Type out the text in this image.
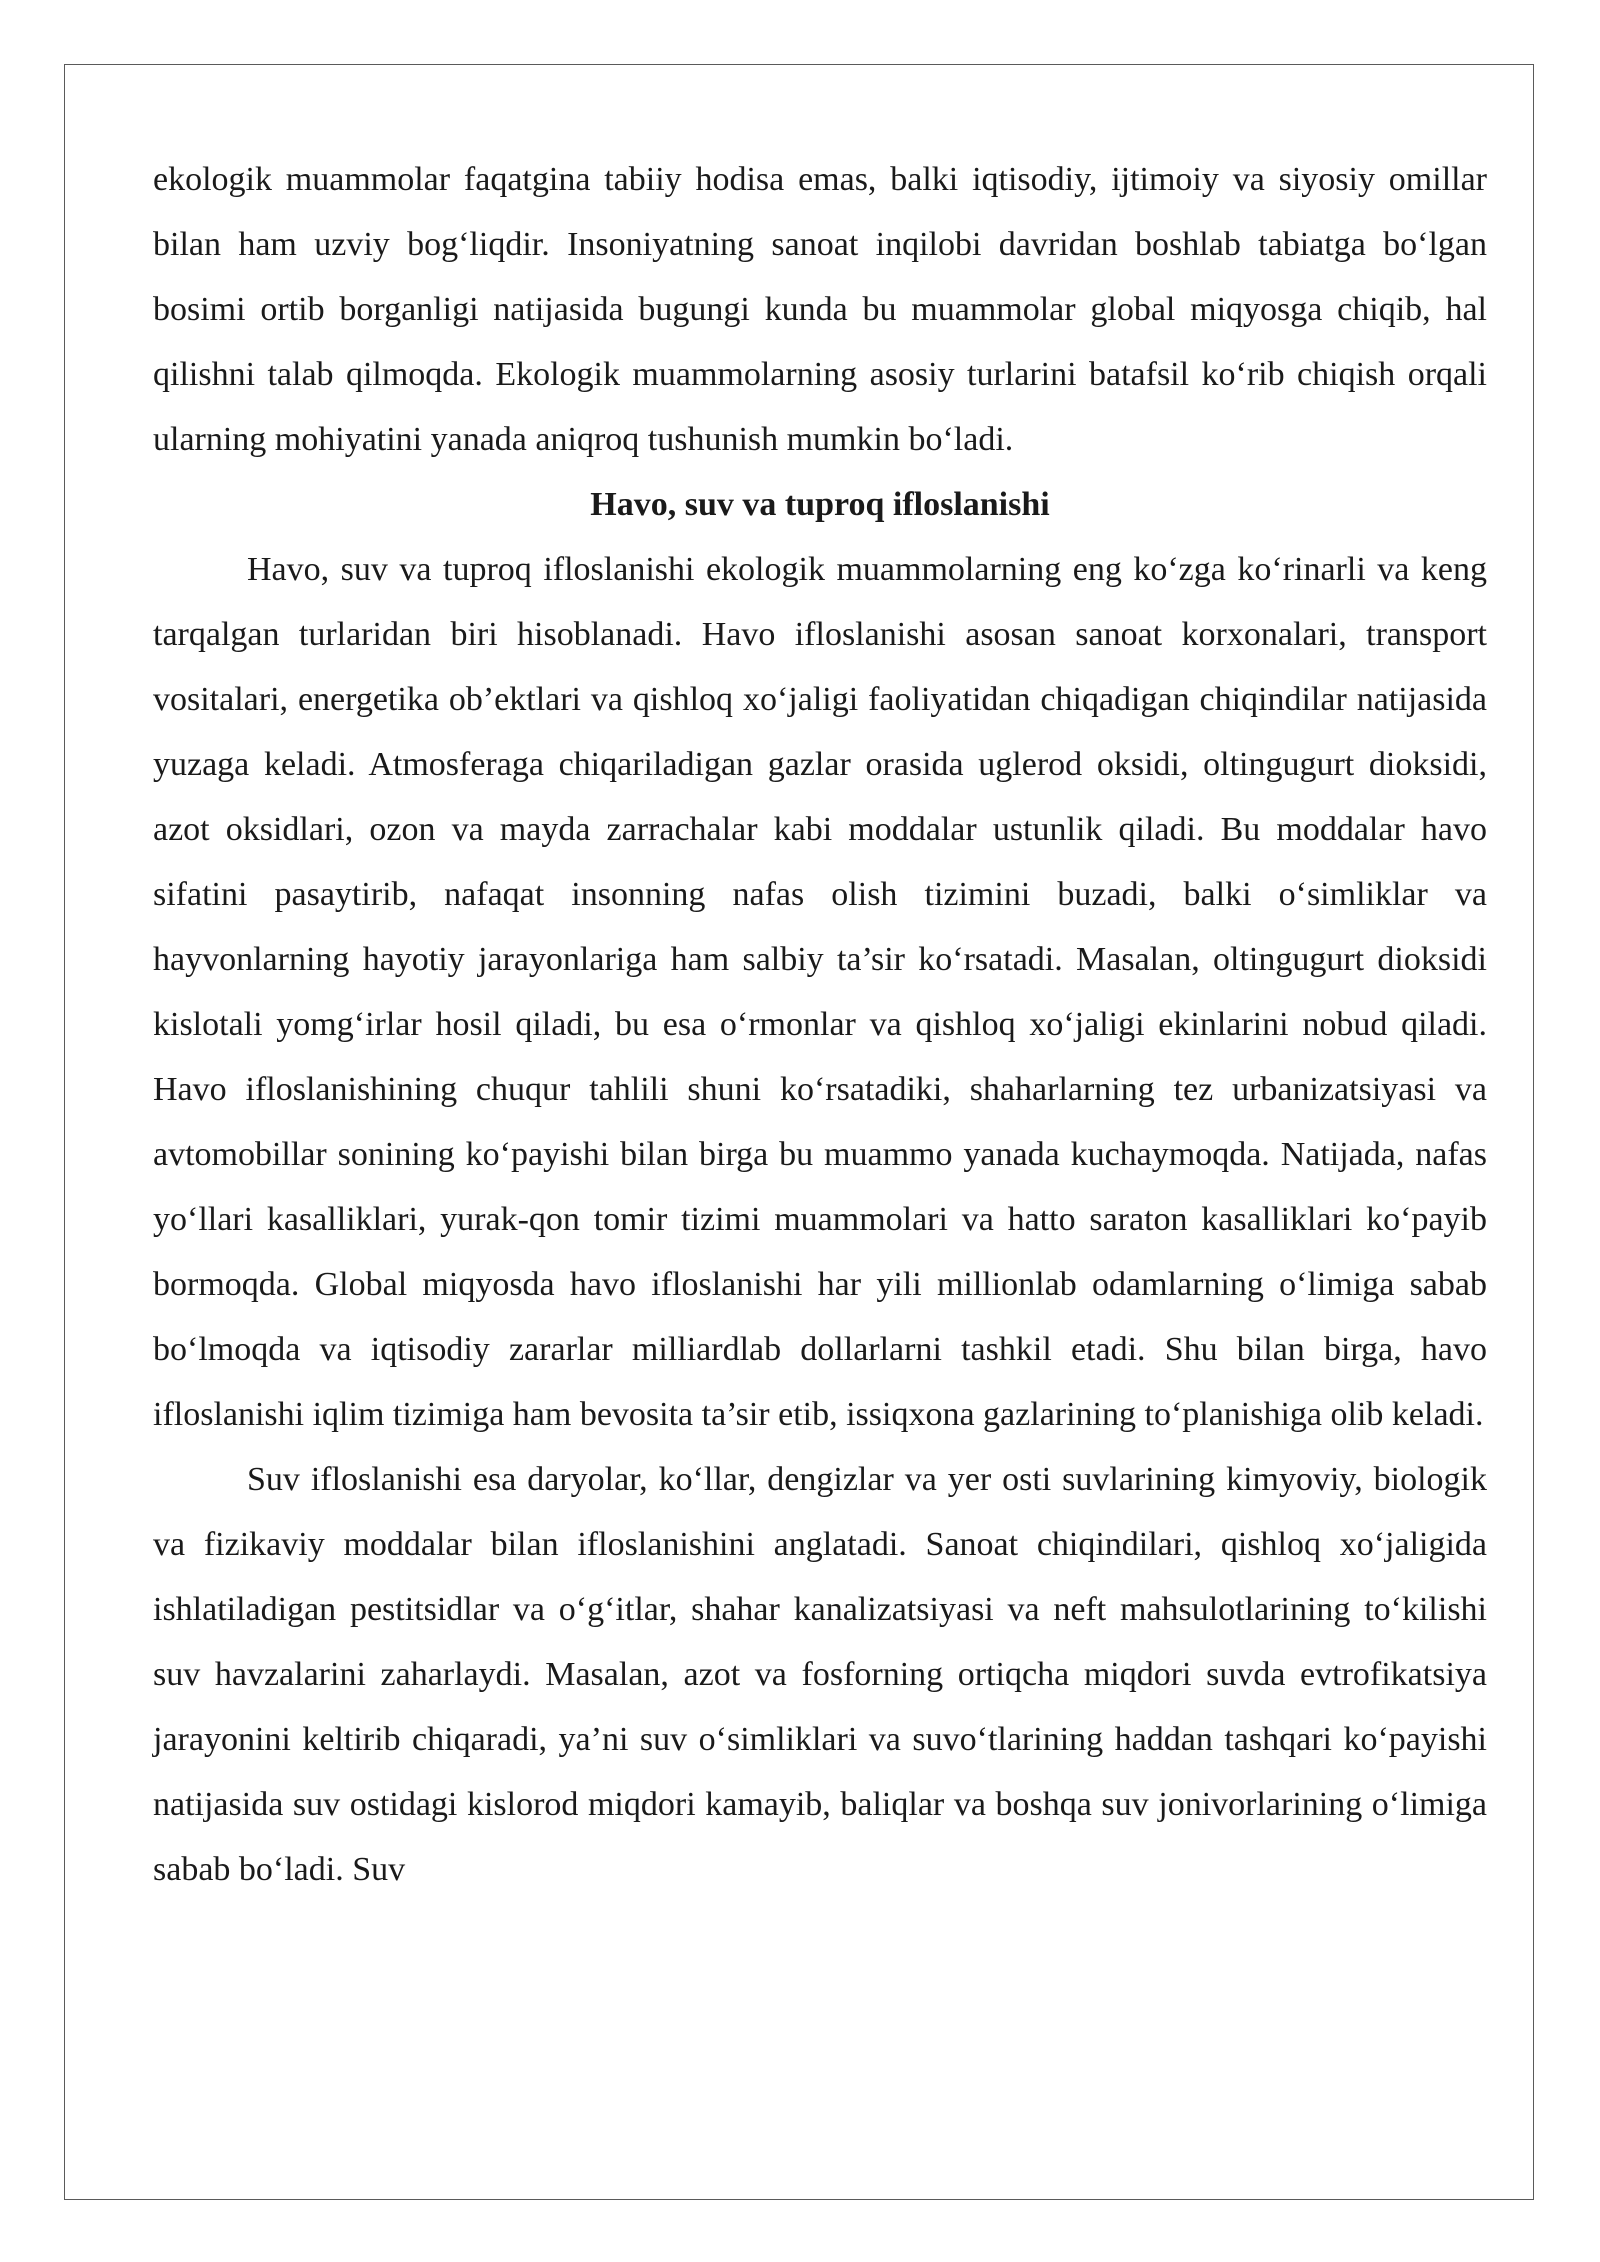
ekologik muammolar faqatgina tabiiy hodisa emas, balki iqtisodiy, ijtimoiy va siyosiy omillar bilan ham uzviy bog‘liqdir. Insoniyatning sanoat inqilobi davridan boshlab tabiatga bo‘lgan bosimi ortib borganligi natijasida bugungi kunda bu muammolar global miqyosga chiqib, hal qilishni talab qilmoqda. Ekologik muammolarning asosiy turlarini batafsil ko‘rib chiqish orqali ularning mohiyatini yanada aniqroq tushunish mumkin bo‘ladi.

Havo, suv va tuproq ifloslanishi

Havo, suv va tuproq ifloslanishi ekologik muammolarning eng ko‘zga ko‘rinarli va keng tarqalgan turlaridan biri hisoblanadi. Havo ifloslanishi asosan sanoat korxonalari, transport vositalari, energetika ob’ektlari va qishloq xo‘jaligi faoliyatidan chiqadigan chiqindilar natijasida yuzaga keladi. Atmosferaga chiqariladigan gazlar orasida uglerod oksidi, oltingugurt dioksidi, azot oksidlari, ozon va mayda zarrachalar kabi moddalar ustunlik qiladi. Bu moddalar havo sifatini pasaytirib, nafaqat insonning nafas olish tizimini buzadi, balki o‘simliklar va hayvonlarning hayotiy jarayonlariga ham salbiy ta’sir ko‘rsatadi. Masalan, oltingugurt dioksidi kislotali yomg‘irlar hosil qiladi, bu esa o‘rmonlar va qishloq xo‘jaligi ekinlarini nobud qiladi. Havo ifloslanishining chuqur tahlili shuni ko‘rsatadiki, shaharlarning tez urbanizatsiyasi va avtomobillar sonining ko‘payishi bilan birga bu muammo yanada kuchaymoqda. Natijada, nafas yo‘llari kasalliklari, yurak-qon tomir tizimi muammolari va hatto saraton kasalliklari ko‘payib bormoqda. Global miqyosda havo ifloslanishi har yili millionlab odamlarning o‘limiga sabab bo‘lmoqda va iqtisodiy zararlar milliardlab dollarlarni tashkil etadi. Shu bilan birga, havo ifloslanishi iqlim tizimiga ham bevosita ta’sir etib, issiqxona gazlarining to‘planishiga olib keladi.

Suv ifloslanishi esa daryolar, ko‘llar, dengizlar va yer osti suvlarining kimyoviy, biologik va fizikaviy moddalar bilan ifloslanishini anglatadi. Sanoat chiqindilari, qishloq xo‘jaligida ishlatiladigan pestitsidlar va o‘g‘itlar, shahar kanalizatsiyasi va neft mahsulotlarining to‘kilishi suv havzalarini zaharlaydi. Masalan, azot va fosforning ortiqcha miqdori suvda evtrofikatsiya jarayonini keltirib chiqaradi, ya’ni suv o‘simliklari va suvo‘tlarining haddan tashqari ko‘payishi natijasida suv ostidagi kislorod miqdori kamayib, baliqlar va boshqa suv jonivorlarining o‘limiga sabab bo‘ladi. Suv
